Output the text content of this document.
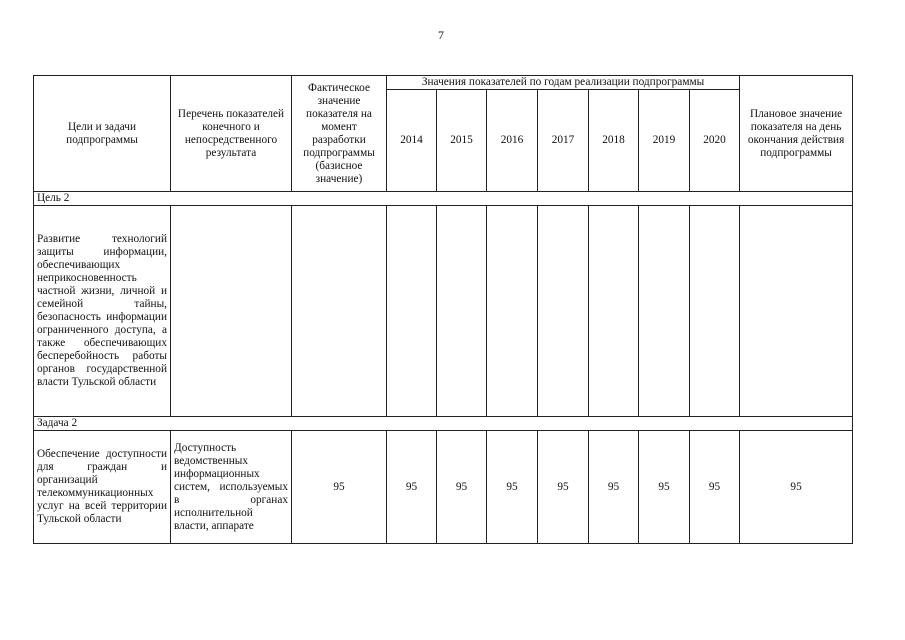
7

Цели и задачи подпрограммы	Перечень показателей конечного и непосредственного результата	Фактическое значение показателя на момент разработки подпрограммы (базисное значение)	Значения показателей по годам реализации подпрограммы							Плановое значение показателя на день окончания действия подпрограммы
			2014	2015	2016	2017	2018	2019	2020	
Цель 2										
Развитие технологий защиты информации, обеспечивающих неприкосновенность частной жизни, личной и семейной тайны, безопасность информации ограниченного доступа, а также обеспечивающих бесперебойность работы органов государственной власти Тульской области										
Задача 2										
Обеспечение доступности для граждан и организаций телекоммуникационных услуг на всей территории Тульской области	Доступность ведомственных информационных систем, используемых в органах исполнительной власти, аппарате	95	95	95	95	95	95	95	95	95
